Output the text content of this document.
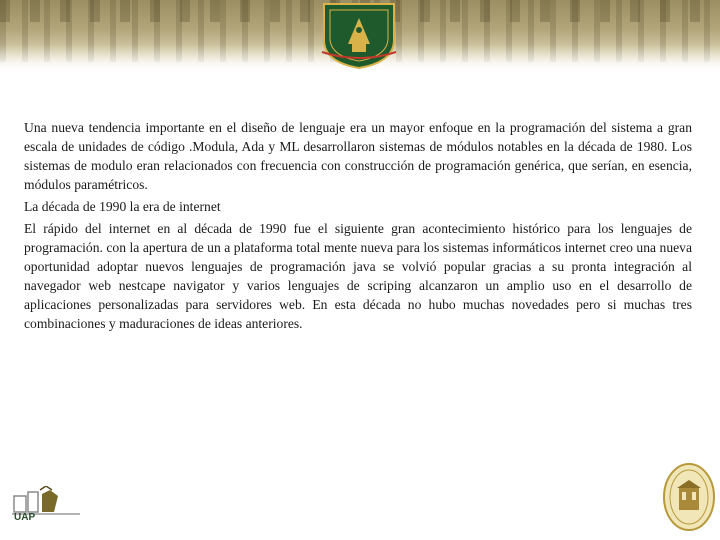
Una nueva tendencia importante en el diseño de lenguaje era un mayor enfoque en la programación del sistema a gran escala de unidades de código .Modula, Ada y ML desarrollaron sistemas de módulos notables en la década de 1980. Los sistemas de modulo eran relacionados con frecuencia con construcción de programación genérica, que serían, en esencia, módulos paramétricos.

La década de 1990 la era de internet

El rápido del internet en al década de 1990 fue el siguiente gran acontecimiento histórico para los lenguajes de programación. con la apertura de un a plataforma total mente nueva para los sistemas informáticos internet creo una nueva oportunidad adoptar nuevos lenguajes de programación java se volvió popular gracias a su pronta integración al navegador web nestcape navigator y varios lenguajes de scriping alcanzaron un amplio uso en el desarrollo de aplicaciones personalizadas para servidores web. En esta década no hubo muchas novedades pero si muchas tres combinaciones y maduraciones de ideas anteriores.

UAP
